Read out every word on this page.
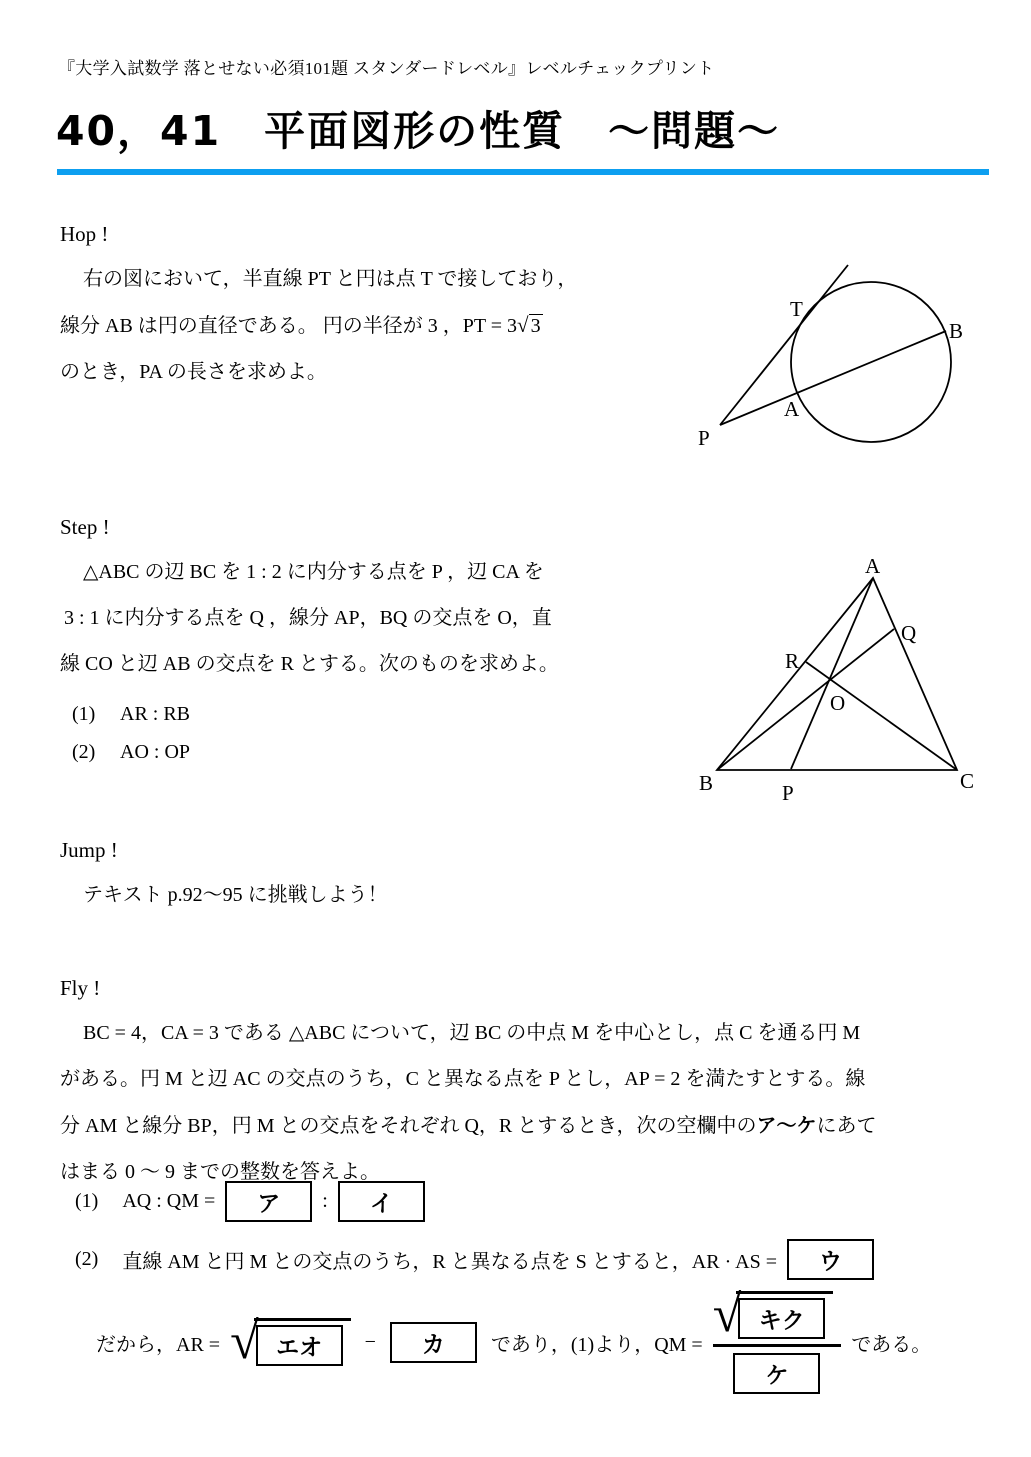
『大学入試数学 落とせない必須101題 スタンダードレベル』レベルチェックプリント
40，41　平面図形の性質　〜問題〜
Hop !
右の図において，半直線 PT と円は点 T で接しており，
線分 AB は円の直径である。 円の半径が 3 ，PT = 3√ 3
のとき，PA の長さを求めよ。
P
T
A
B
Step !
△ABC の辺 BC を 1 : 2 に内分する点を P ，辺 CA を
3 : 1 に内分する点を Q ，線分 AP，BQ の交点を O，直
線 CO と辺 AB の交点を R とする。次のものを求めよ。
(1)	AR : RB
(2)	AO : OP
A
B	C
P
Q
R
O
Jump !
テキスト p.92〜95 に挑戦しよう！
Fly !
BC = 4，CA = 3 である △ABC について，辺 BC の中点 M を中心とし，点 C を通る円 M
がある。円 M と辺 AC の交点のうち，C と異なる点を P とし，AP = 2 を満たすとする。線
分 AM と線分 BP，円 M との交点をそれぞれ Q，R とするとき，次の空欄中のア〜ケにあて
はまる 0 〜 9 までの整数を答えよ。
(1) AQ : QM =	ア	:	イ
(2) 直線 AM と円 M との交点のうち，R と異なる点を S とすると，AR · AS =	ウ
だから，AR = √ エオ	−	カ	であり，(1)より，QM = $\frac{\text{√ キク}}{\text{ケ}}$ である。
